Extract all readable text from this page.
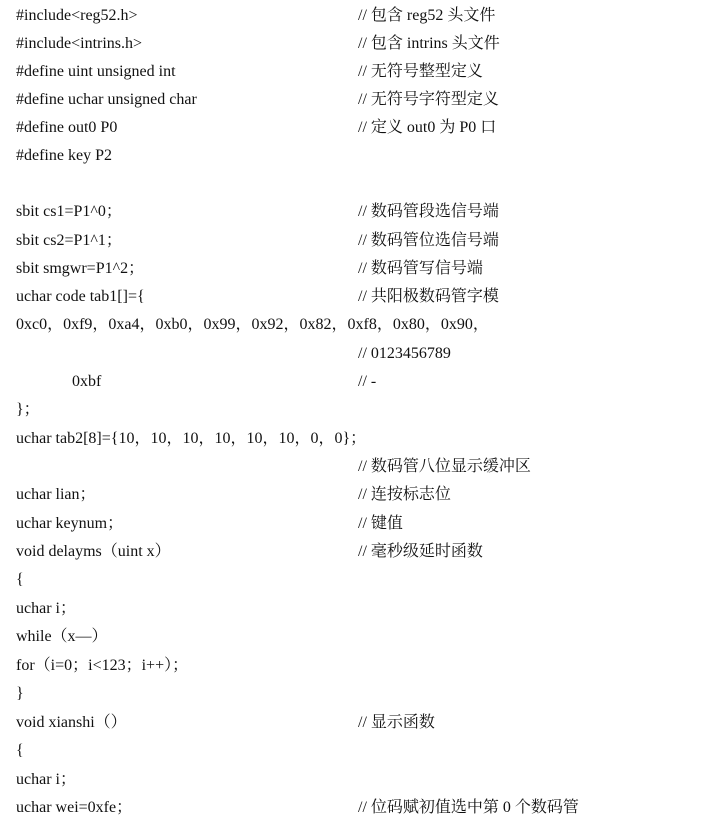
#include<reg52.h>	// 包含 reg52 头文件
#include<intrins.h>	// 包含 intrins 头文件
#define uint unsigned int	// 无符号整型定义
#define uchar unsigned char	// 无符号字符型定义
#define out0 P0	// 定义 out0 为 P0 口
#define key P2
sbit cs1=P1^0；	// 数码管段选信号端
sbit cs2=P1^1；	// 数码管位选信号端
sbit smgwr=P1^2；	// 数码管写信号端
uchar code tab1[]={	// 共阳极数码管字模
0xc0，0xf9，0xa4，0xb0，0x99，0x92，0x82，0xf8，0x80，0x90，
// 0123456789
0xbf	// -
}；
uchar tab2[8]={10，10，10，10，10，10，0，0}；
// 数码管八位显示缓冲区
uchar lian；	// 连按标志位
uchar keynum；	// 键值
void delayms（uint x）	// 毫秒级延时函数
{
uchar i；
while（x—）
for（i=0；i<123；i++）；
}
void xianshi（）	// 显示函数
{
uchar i；
uchar wei=0xfe；	// 位码赋初值选中第 0 个数码管
